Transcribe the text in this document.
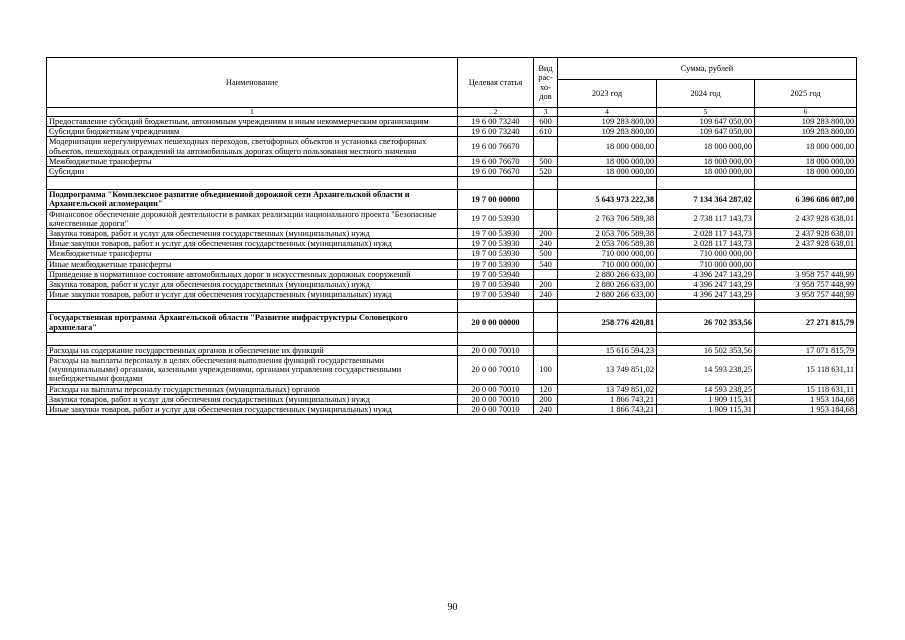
Наименование	Целевая статья	Вид рас-хо-дов	Сумма, рублей		
			2023 год	2024 год	2025 год
1	2	3	4	5	6
Предоставление субсидий бюджетным, автономным учреждениям и иным некоммерческим организациям	19 6 00 73240	600	109 283 800,00	109 647 050,00	109 283 800,00
Субсидии бюджетным учреждениям	19 6 00 73240	610	109 283 800,00	109 647 050,00	109 283 800,00
Модернизация нерегулируемых пешеходных переходов, светофорных объектов и установка светофорных объектов, пешеходных ограждений на автомобильных дорогах общего пользования местного значения	19 6 00 76670		18 000 000,00	18 000 000,00	18 000 000,00
Межбюджетные трансферты	19 6 00 76670	500	18 000 000,00	18 000 000,00	18 000 000,00
Субсидии	19 6 00 76670	520	18 000 000,00	18 000 000,00	18 000 000,00

Подпрограмма "Комплексное развитие объединенной дорожной сети Архангельской области и Архангельской агломерации"	19 7 00 00000		5 643 973 222,38	7 134 364 287,02	6 396 686 087,00
Финансовое обеспечение дорожной деятельности в рамках реализации национального проекта "Безопасные качественные дороги"	19 7 00 53930		2 763 706 589,38	2 738 117 143,73	2 437 928 638,01
Закупка товаров, работ и услуг для обеспечения государственных (муниципальных) нужд	19 7 00 53930	200	2 053 706 589,38	2 028 117 143,73	2 437 928 638,01
Иные закупки товаров, работ и услуг для обеспечения государственных (муниципальных) нужд	19 7 00 53930	240	2 053 706 589,38	2 028 117 143,73	2 437 928 638,01
Межбюджетные трансферты	19 7 00 53930	500	710 000 000,00	710 000 000,00	
Иные межбюджетные трансферты	19 7 00 53930	540	710 000 000,00	710 000 000,00	
Приведение в нормативное состояние автомобильных дорог и искусственных дорожных сооружений	19 7 00 53940		2 880 266 633,00	4 396 247 143,29	3 958 757 448,99
Закупка товаров, работ и услуг для обеспечения государственных (муниципальных) нужд	19 7 00 53940	200	2 880 266 633,00	4 396 247 143,29	3 958 757 448,99
Иные закупки товаров, работ и услуг для обеспечения государственных (муниципальных) нужд	19 7 00 53940	240	2 880 266 633,00	4 396 247 143,29	3 958 757 448,99

Государственная программа Архангельской области "Развитие инфраструктуры Соловецкого архипелага"	20 0 00 00000		258 776 420,81	26 702 353,56	27 271 815,79

Расходы на содержание государственных органов и обеспечение их функций	20 0 00 70010		15 616 594,23	16 502 353,56	17 071 815,79
Расходы на выплаты персоналу в целях обеспечения выполнения функций государственными (муниципальными) органами, казенными учреждениями, органами управления государственными внебюджетными фондами	20 0 00 70010	100	13 749 851,02	14 593 238,25	15 118 631,11
Расходы на выплаты персоналу государственных (муниципальных) органов	20 0 00 70010	120	13 749 851,02	14 593 238,25	15 118 631,11
Закупка товаров, работ и услуг для обеспечения государственных (муниципальных) нужд	20 0 00 70010	200	1 866 743,21	1 909 115,31	1 953 184,68
Иные закупки товаров, работ и услуг для обеспечения государственных (муниципальных) нужд	20 0 00 70010	240	1 866 743,21	1 909 115,31	1 953 184,68
90
